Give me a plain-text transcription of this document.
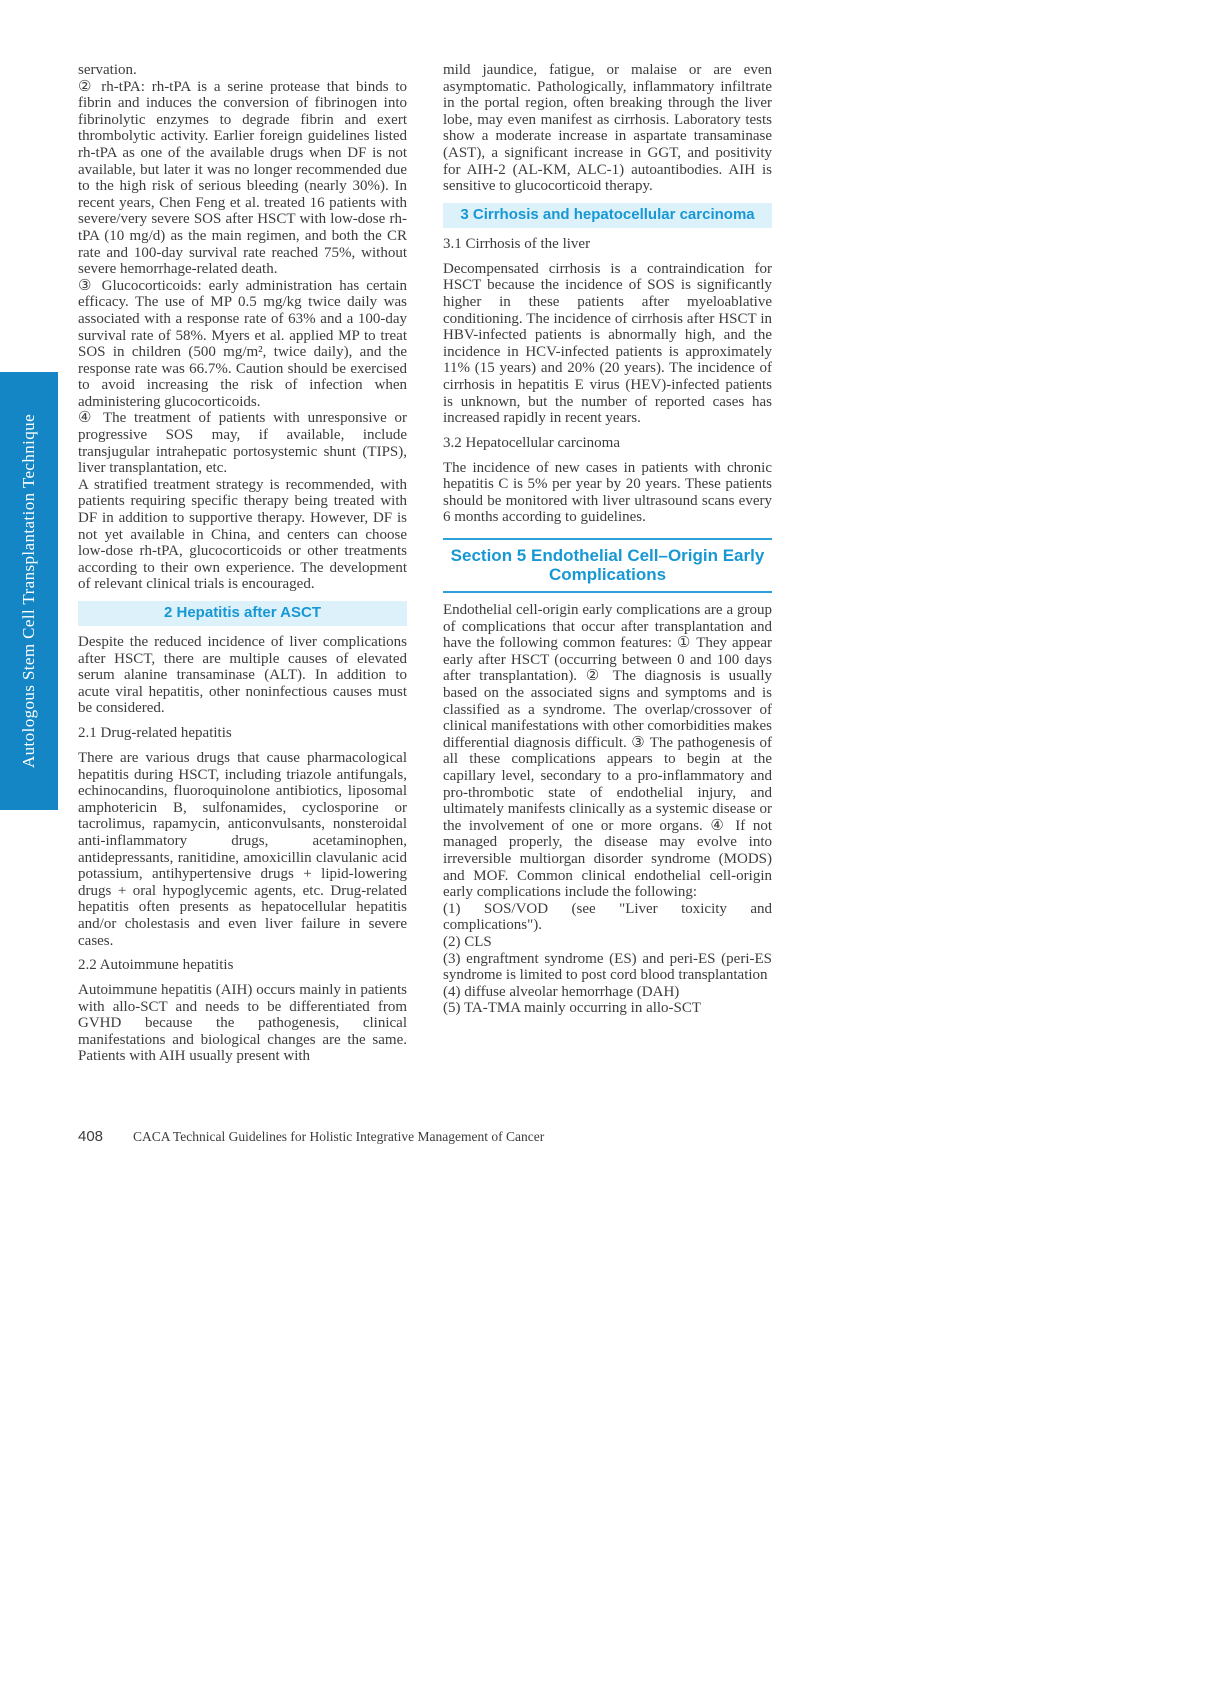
Autologous Stem Cell Transplantation Technique

servation.

② rh-tPA: rh-tPA is a serine protease that binds to fibrin and induces the conversion of fibrinogen into fibrinolytic enzymes to degrade fibrin and exert thrombolytic activity. Earlier foreign guidelines listed rh-tPA as one of the available drugs when DF is not available, but later it was no longer recommended due to the high risk of serious bleeding (nearly 30%). In recent years, Chen Feng et al. treated 16 patients with severe/very severe SOS after HSCT with low-dose rh-tPA (10 mg/d) as the main regimen, and both the CR rate and 100-day survival rate reached 75%, without severe hemorrhage-related death.

③ Glucocorticoids: early administration has certain efficacy. The use of MP 0.5 mg/kg twice daily was associated with a response rate of 63% and a 100-day survival rate of 58%. Myers et al. applied MP to treat SOS in children (500 mg/m², twice daily), and the response rate was 66.7%. Caution should be exercised to avoid increasing the risk of infection when administering glucocorticoids.

④ The treatment of patients with unresponsive or progressive SOS may, if available, include transjugular intrahepatic portosystemic shunt (TIPS), liver transplantation, etc.

A stratified treatment strategy is recommended, with patients requiring specific therapy being treated with DF in addition to supportive therapy. However, DF is not yet available in China, and centers can choose low-dose rh-tPA, glucocorticoids or other treatments according to their own experience. The development of relevant clinical trials is encouraged.

2 Hepatitis after ASCT

Despite the reduced incidence of liver complications after HSCT, there are multiple causes of elevated serum alanine transaminase (ALT). In addition to acute viral hepatitis, other noninfectious causes must be considered.

2.1 Drug-related hepatitis

There are various drugs that cause pharmacological hepatitis during HSCT, including triazole antifungals, echinocandins, fluoroquinolone antibiotics, liposomal amphotericin B, sulfonamides, cyclosporine or tacrolimus, rapamycin, anticonvulsants, nonsteroidal anti-inflammatory drugs, acetaminophen, antidepressants, ranitidine, amoxicillin clavulanic acid potassium, antihypertensive drugs + lipid-lowering drugs + oral hypoglycemic agents, etc. Drug-related hepatitis often presents as hepatocellular hepatitis and/or cholestasis and even liver failure in severe cases.

2.2 Autoimmune hepatitis

Autoimmune hepatitis (AIH) occurs mainly in patients with allo-SCT and needs to be differentiated from GVHD because the pathogenesis, clinical manifestations and biological changes are the same. Patients with AIH usually present with

mild jaundice, fatigue, or malaise or are even asymptomatic. Pathologically, inflammatory infiltrate in the portal region, often breaking through the liver lobe, may even manifest as cirrhosis. Laboratory tests show a moderate increase in aspartate transaminase (AST), a significant increase in GGT, and positivity for AIH-2 (AL-KM, ALC-1) autoantibodies. AIH is sensitive to glucocorticoid therapy.

3 Cirrhosis and hepatocellular carcinoma
3.1 Cirrhosis of the liver

Decompensated cirrhosis is a contraindication for HSCT because the incidence of SOS is significantly higher in these patients after myeloablative conditioning. The incidence of cirrhosis after HSCT in HBV-infected patients is abnormally high, and the incidence in HCV-infected patients is approximately 11% (15 years) and 20% (20 years). The incidence of cirrhosis in hepatitis E virus (HEV)-infected patients is unknown, but the number of reported cases has increased rapidly in recent years.

3.2 Hepatocellular carcinoma

The incidence of new cases in patients with chronic hepatitis C is 5% per year by 20 years. These patients should be monitored with liver ultrasound scans every 6 months according to guidelines.

Section 5 Endothelial Cell–Origin Early Complications

Endothelial cell-origin early complications are a group of complications that occur after transplantation and have the following common features: ① They appear early after HSCT (occurring between 0 and 100 days after transplantation). ② The diagnosis is usually based on the associated signs and symptoms and is classified as a syndrome. The overlap/crossover of clinical manifestations with other comorbidities makes differential diagnosis difficult. ③ The pathogenesis of all these complications appears to begin at the capillary level, secondary to a pro-inflammatory and pro-thrombotic state of endothelial injury, and ultimately manifests clinically as a systemic disease or the involvement of one or more organs. ④ If not managed properly, the disease may evolve into irreversible multiorgan disorder syndrome (MODS) and MOF. Common clinical endothelial cell-origin early complications include the following:

(1) SOS/VOD (see "Liver toxicity and complications").

(2) CLS

(3) engraftment syndrome (ES) and peri-ES (peri-ES syndrome is limited to post cord blood transplantation

(4) diffuse alveolar hemorrhage (DAH)

(5) TA-TMA mainly occurring in allo-SCT

408 CACA Technical Guidelines for Holistic Integrative Management of Cancer
